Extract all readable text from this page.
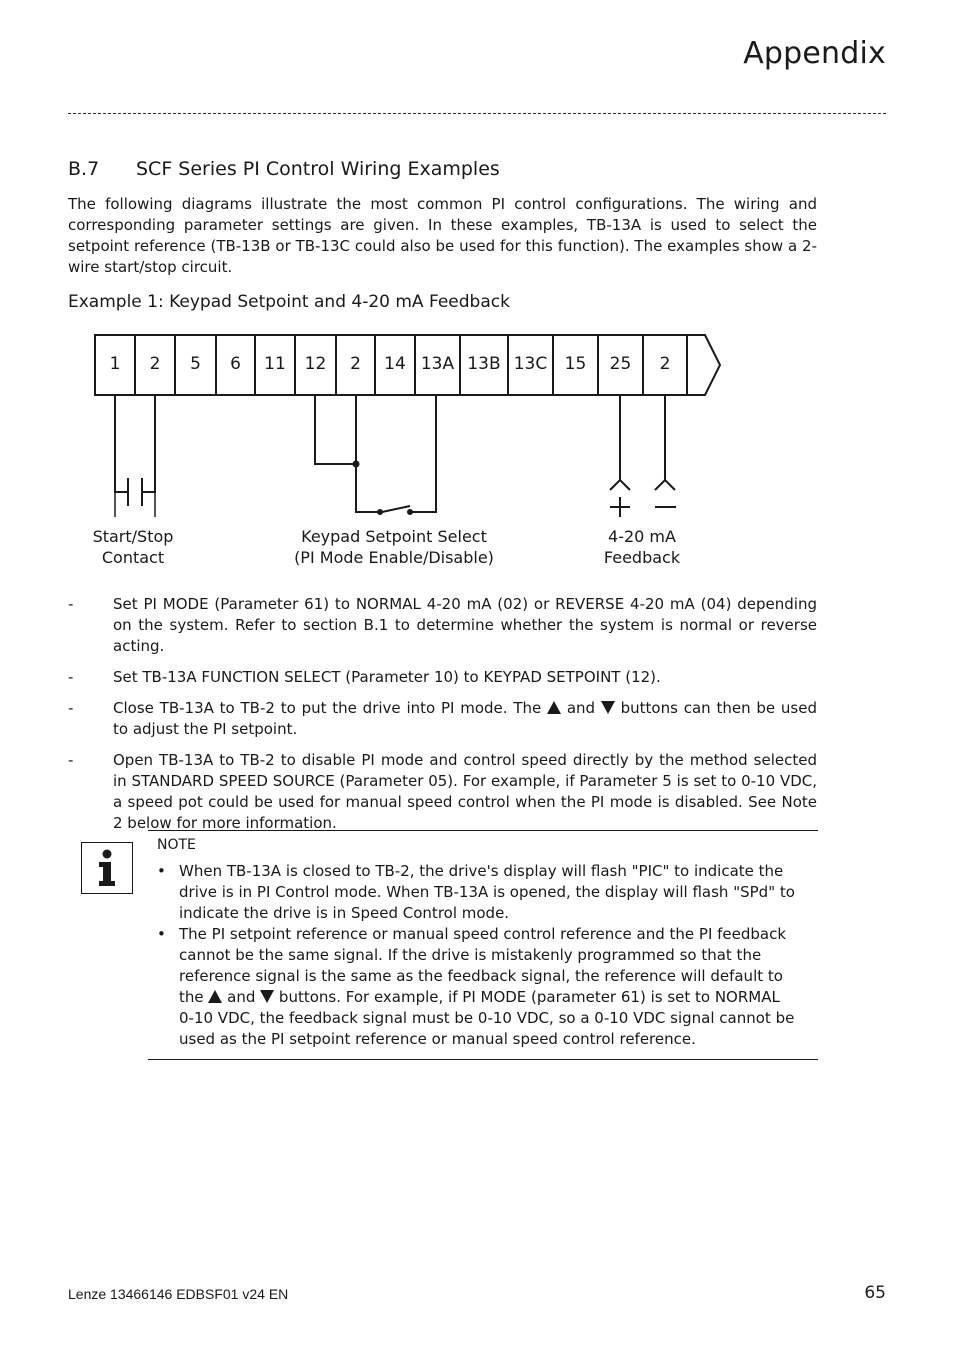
Appendix
B.7 SCF Series PI Control Wiring Examples
The following diagrams illustrate the most common PI control configurations. The wiring and corresponding parameter settings are given. In these examples, TB-13A is used to select the setpoint reference (TB-13B or TB-13C could also be used for this function). The examples show a 2-wire start/stop circuit.
Example 1: Keypad Setpoint and 4-20 mA Feedback
1 2 5 6 11 12 2 14 13A 13B 13C 15 25 2
Start/Stop
Contact
Keypad Setpoint Select
(PI Mode Enable/Disable)
4-20 mA
Feedback
-	Set PI MODE (Parameter 61) to NORMAL 4-20 mA (02) or REVERSE 4-20 mA (04) depending on the system. Refer to section B.1 to determine whether the system is normal or reverse acting.
-	Set TB-13A FUNCTION SELECT (Parameter 10) to KEYPAD SETPOINT (12).
-	Close TB-13A to TB-2 to put the drive into PI mode. The  and  buttons can then be used to adjust the PI setpoint.
-	Open TB-13A to TB-2 to disable PI mode and control speed directly by the method selected in STANDARD SPEED SOURCE (Parameter 05). For example, if Parameter 5 is set to 0-10 VDC, a speed pot could be used for manual speed control when the PI mode is disabled. See Note 2 below for more information.
NOTE
• When TB-13A is closed to TB-2, the drive's display will flash "PIC" to indicate the drive is in PI Control mode. When TB-13A is opened, the display will flash "SPd" to indicate the drive is in Speed Control mode.
• The PI setpoint reference or manual speed control reference and the PI feedback cannot be the same signal. If the drive is mistakenly programmed so that the reference signal is the same as the feedback signal, the reference will default to the  and  buttons. For example, if PI MODE (parameter 61) is set to NORMAL 0-10 VDC, the feedback signal must be 0-10 VDC, so a 0-10 VDC signal cannot be used as the PI setpoint reference or manual speed control reference.
Lenze 13466146 EDBSF01 v24 EN	65
